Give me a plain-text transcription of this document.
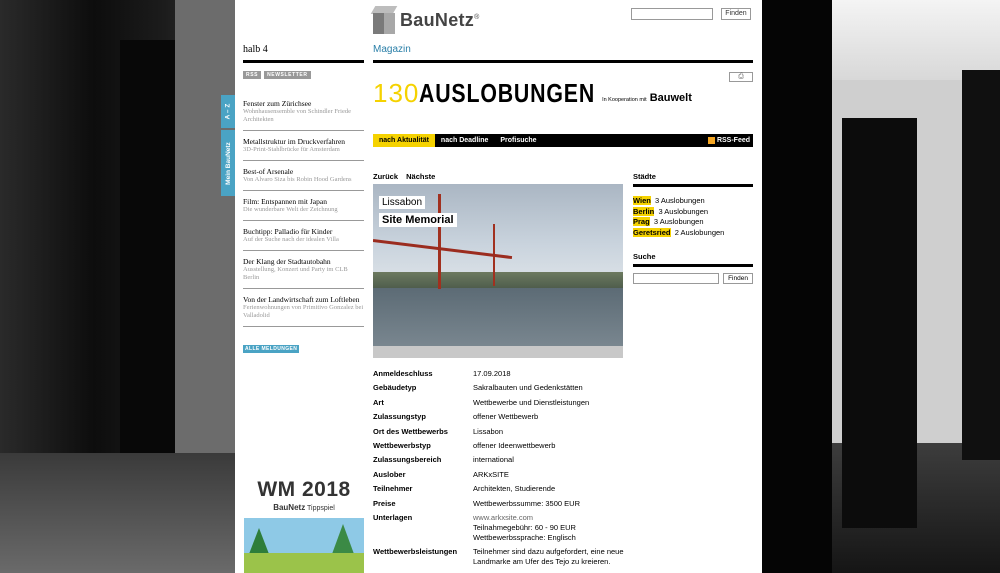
BauNetz®	Finden
halb 4
RSS	NEWSLETTER
Fenster zum Zürichsee
Wohnhausensemble von Schindler Friede Architekten
Metallstruktur im Druckverfahren
3D-Print-Stahlbrücke für Amsterdam
Best-of Arsenale
Von Alvaro Siza bis Robin Hood Gardens
Film: Entspannen mit Japan
Die wunderbare Welt der Zeichnung
Buchtipp: Palladio für Kinder
Auf der Suche nach der idealen Villa
Der Klang der Stadtautobahn
Ausstellung, Konzert und Party im CLB Berlin
Von der Landwirtschaft zum Loftleben
Ferienwohnungen von Primitivo Gonzalez bei Valladolid
ALLE MELDUNGEN
A – Z
Mein BauNetz
WM 2018
BauNetz Tippspiel
Magazin
130 AUSLOBUNGEN In Kooperation mit Bauwelt
⎙
nach Aktualität	nach Deadline	Profisuche	RSS-Feed
Zurück Nächste
Lissabon
Site Memorial
Anmeldeschluss	17.09.2018
Gebäudetyp	Sakralbauten und Gedenkstätten
Art	Wettbewerbe und Dienstleistungen
Zulassungstyp	offener Wettbewerb
Ort des Wettbewerbs	Lissabon
Wettbewerbstyp	offener Ideenwettbewerb
Zulassungsbereich	international
Auslober	ARKxSITE
Teilnehmer	Architekten, Studierende
Preise	Wettbewerbssumme: 3500 EUR
Unterlagen	www.arkxsite.com
Teilnahmegebühr: 60 - 90 EUR
Wettbewerbssprache: Englisch

Wettbewerbsleistungen	Teilnehmer sind dazu aufgefordert, eine neue
Landmarke am Ufer des Tejo zu kreieren.
Städte
Wien 3 Auslobungen
Berlin 3 Auslobungen
Prag 3 Auslobungen
Geretsried 2 Auslobungen
Suche
Finden
